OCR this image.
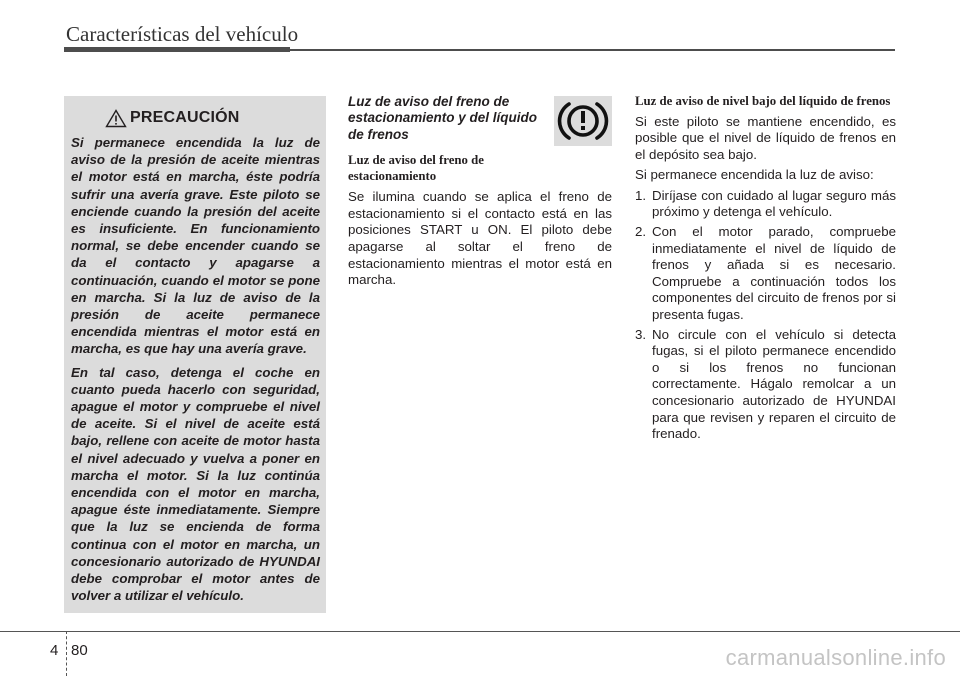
Características del vehículo
PRECAUCIÓN

Si permanece encendida la luz de aviso de la presión de aceite mientras el motor está en marcha, éste podría sufrir una avería grave. Este piloto se enciende cuando la presión del aceite es insuficiente. En funcionamiento normal, se debe encender cuando se da el contacto y apagarse a continuación, cuando el motor se pone en marcha. Si la luz de aviso de la presión de aceite permanece encendida mientras el motor está en marcha, es que hay una avería grave.

En tal caso, detenga el coche en cuanto pueda hacerlo con seguridad, apague el motor y compruebe el nivel de aceite. Si el nivel de aceite está bajo, rellene con aceite de motor hasta el nivel adecuado y vuelva a poner en marcha el motor. Si la luz continúa encendida con el motor en marcha, apague éste inmediatamente. Siempre que la luz se encienda de forma continua con el motor en marcha, un concesionario autorizado de HYUNDAI debe comprobar el motor antes de volver a utilizar el vehículo.

Luz de aviso del freno de estacionamiento y del líquido de frenos
Luz de aviso del freno de estacionamiento

Se ilumina cuando se aplica el freno de estacionamiento si el contacto está en las posiciones START u ON. El piloto debe apagarse al soltar el freno de estacionamiento mientras el motor está en marcha.

Luz de aviso de nivel bajo del líquido de frenos

Si este piloto se mantiene encendido, es posible que el nivel de líquido de frenos en el depósito sea bajo.

Si permanece encendida la luz de aviso:

1. Diríjase con cuidado al lugar seguro más próximo y detenga el vehículo.
2. Con el motor parado, compruebe inmediatamente el nivel de líquido de frenos y añada si es necesario. Compruebe a continuación todos los componentes del circuito de frenos por si presenta fugas.
3. No circule con el vehículo si detecta fugas, si el piloto permanece encendido o si los frenos no funcionan correctamente. Hágalo remolcar a un concesionario autorizado de HYUNDAI para que revisen y reparen el circuito de frenado.
4 80	carmanualsonline.info
